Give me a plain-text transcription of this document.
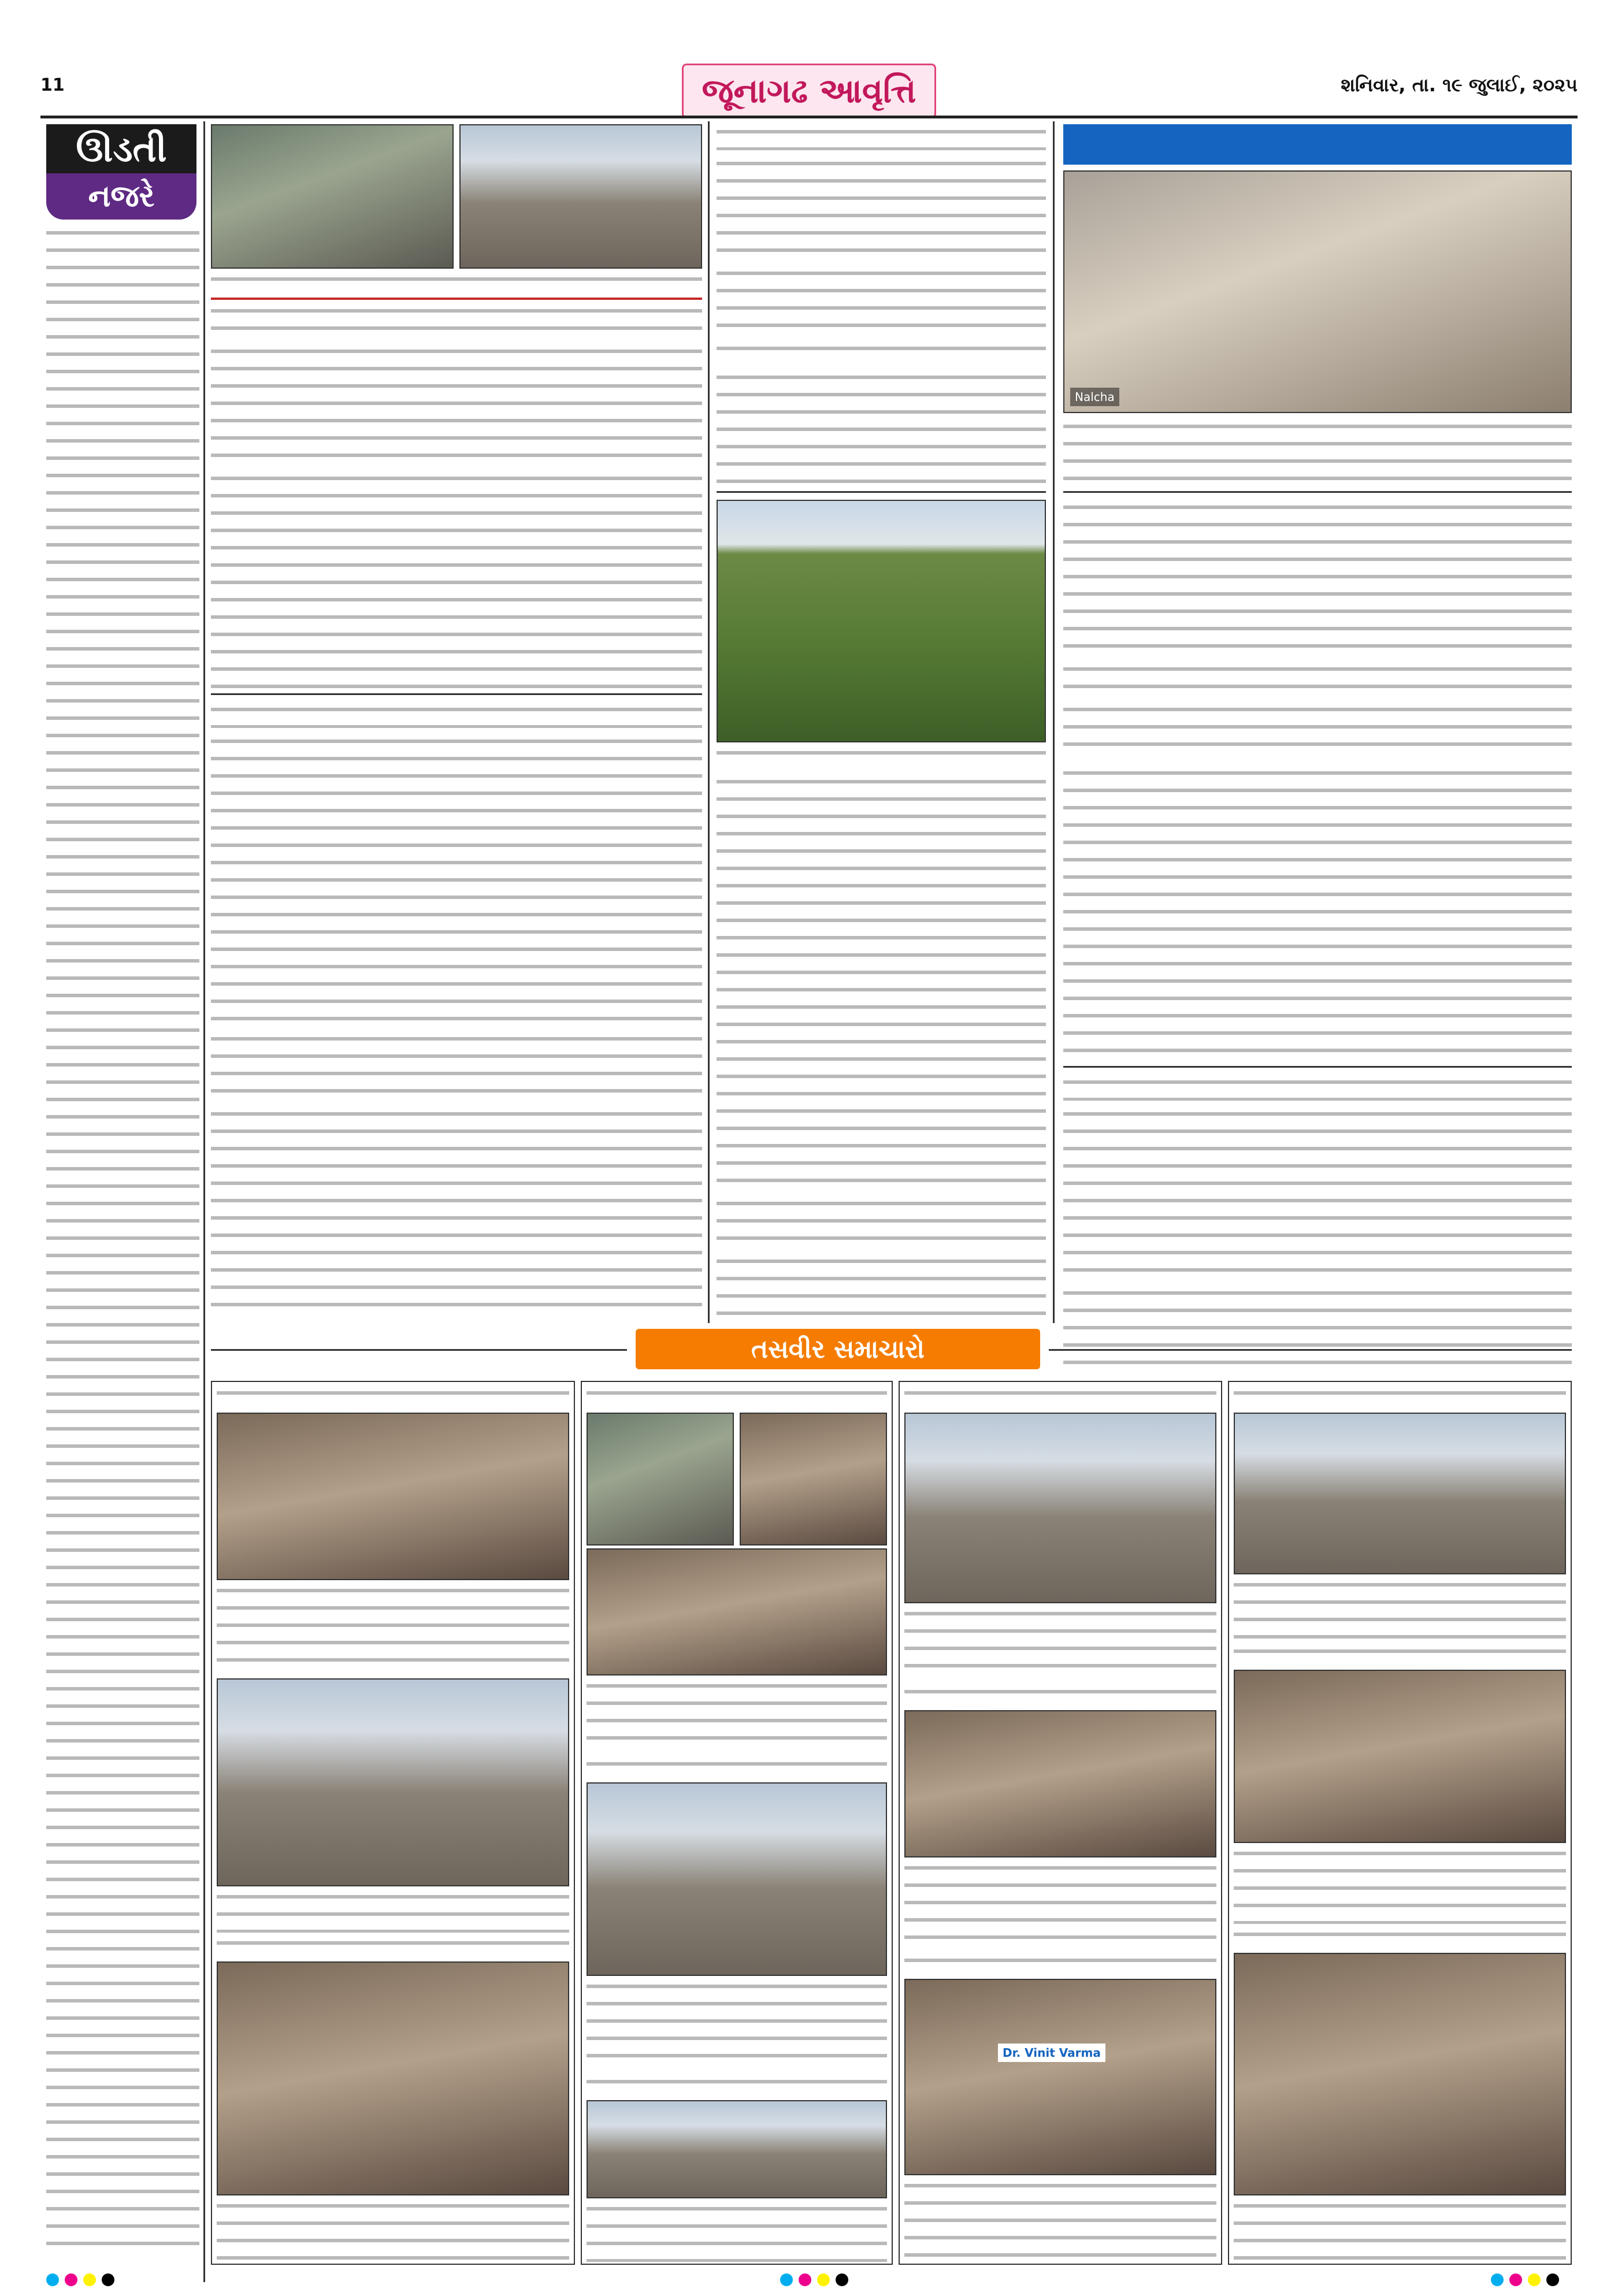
11	જૂનાગઢ આવૃત્તિ	શનિવાર, તા. ૧૯ જુલાઈ, ૨૦૨૫
ઊડતી
નજરે
Nalcha
તસવીર સમાચારો
Dr. Vinit Varma
